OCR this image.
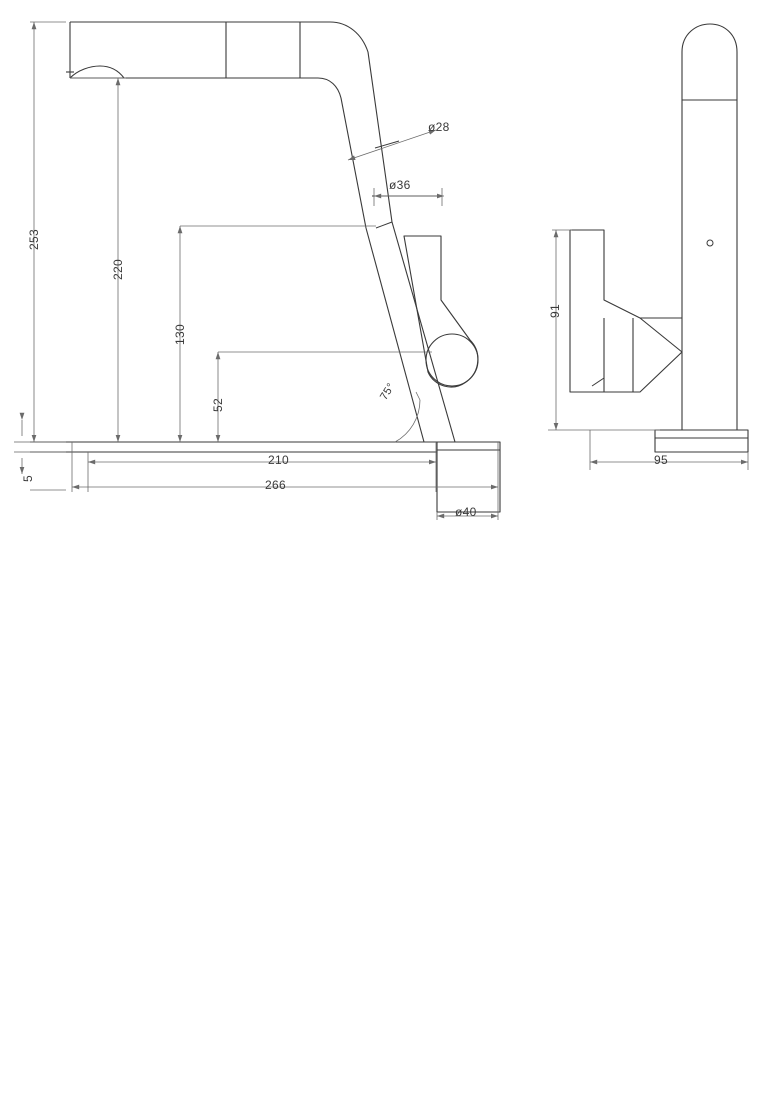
253
220
130
52
5
210
266
ø28
ø36
ø40
75°
91
95
